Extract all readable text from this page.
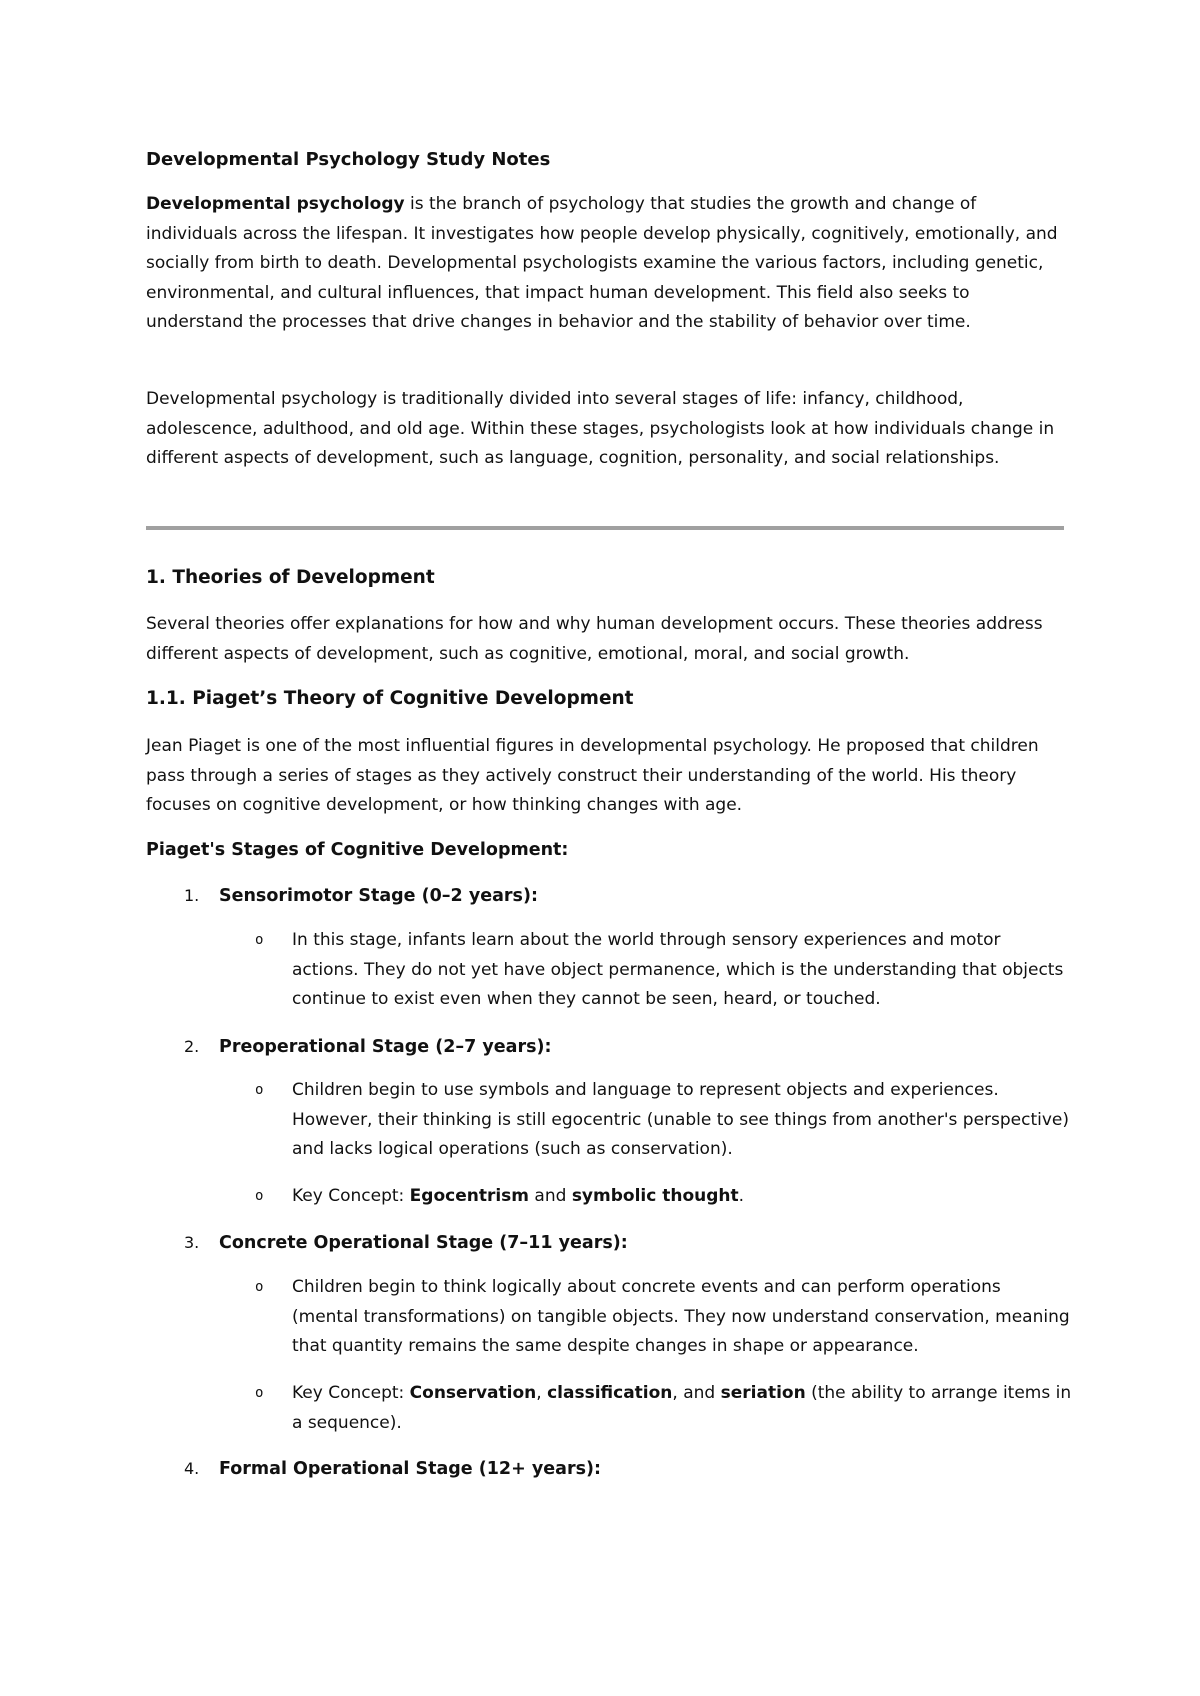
Developmental Psychology Study Notes

Developmental psychology is the branch of psychology that studies the growth and change of individuals across the lifespan. It investigates how people develop physically, cognitively, emotionally, and socially from birth to death. Developmental psychologists examine the various factors, including genetic, environmental, and cultural influences, that impact human development. This field also seeks to understand the processes that drive changes in behavior and the stability of behavior over time.

Developmental psychology is traditionally divided into several stages of life: infancy, childhood, adolescence, adulthood, and old age. Within these stages, psychologists look at how individuals change in different aspects of development, such as language, cognition, personality, and social relationships.

1. Theories of Development

Several theories offer explanations for how and why human development occurs. These theories address different aspects of development, such as cognitive, emotional, moral, and social growth.

1.1. Piaget’s Theory of Cognitive Development

Jean Piaget is one of the most influential figures in developmental psychology. He proposed that children pass through a series of stages as they actively construct their understanding of the world. His theory focuses on cognitive development, or how thinking changes with age.

Piaget's Stages of Cognitive Development:
1.	Sensorimotor Stage (0–2 years):
o In this stage, infants learn about the world through sensory experiences and motor actions. They do not yet have object permanence, which is the understanding that objects continue to exist even when they cannot be seen, heard, or touched.

2.	Preoperational Stage (2–7 years):
o Children begin to use symbols and language to represent objects and experiences. However, their thinking is still egocentric (unable to see things from another's perspective) and lacks logical operations (such as conservation).

o Key Concept: Egocentrism and symbolic thought.

3.	Concrete Operational Stage (7–11 years):
o Children begin to think logically about concrete events and can perform operations (mental transformations) on tangible objects. They now understand conservation, meaning that quantity remains the same despite changes in shape or appearance.

o Key Concept: Conservation, classification, and seriation (the ability to arrange items in a sequence).

4.	Formal Operational Stage (12+ years):
